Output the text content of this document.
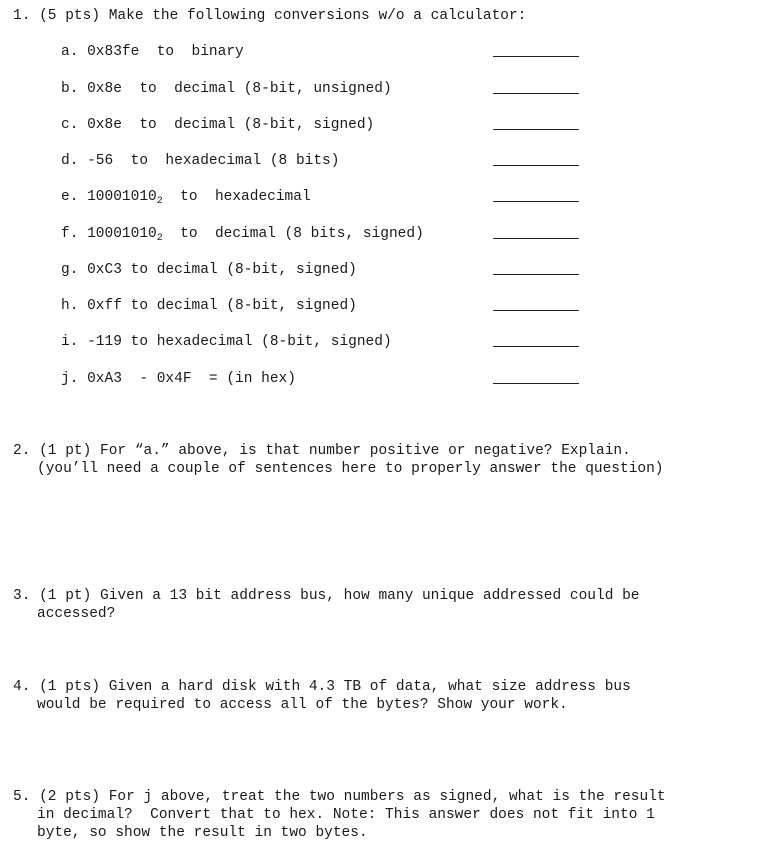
1. (5 pts) Make the following conversions w/o a calculator:

a. 0x83fe  to  binary

b. 0x8e  to  decimal (8-bit, unsigned)

c. 0x8e  to  decimal (8-bit, signed)

d. -56  to  hexadecimal (8 bits)

e. $10001010_2$  to  hexadecimal

f. $10001010_2$  to  decimal (8 bits, signed)

g. 0xC3 to decimal (8-bit, signed)

h. 0xff to decimal (8-bit, signed)

i. -119 to hexadecimal (8-bit, signed)

j. 0xA3  - 0x4F  = (in hex)

2. (1 pt) For “a.” above, is that number positive or negative? Explain.

(you’ll need a couple of sentences here to properly answer the question)

3. (1 pt) Given a 13 bit address bus, how many unique addressed could be

accessed?

4. (1 pts) Given a hard disk with 4.3 TB of data, what size address bus

would be required to access all of the bytes? Show your work.

5. (2 pts) For j above, treat the two numbers as signed, what is the result

in decimal?  Convert that to hex. Note: This answer does not fit into 1

byte, so show the result in two bytes.
